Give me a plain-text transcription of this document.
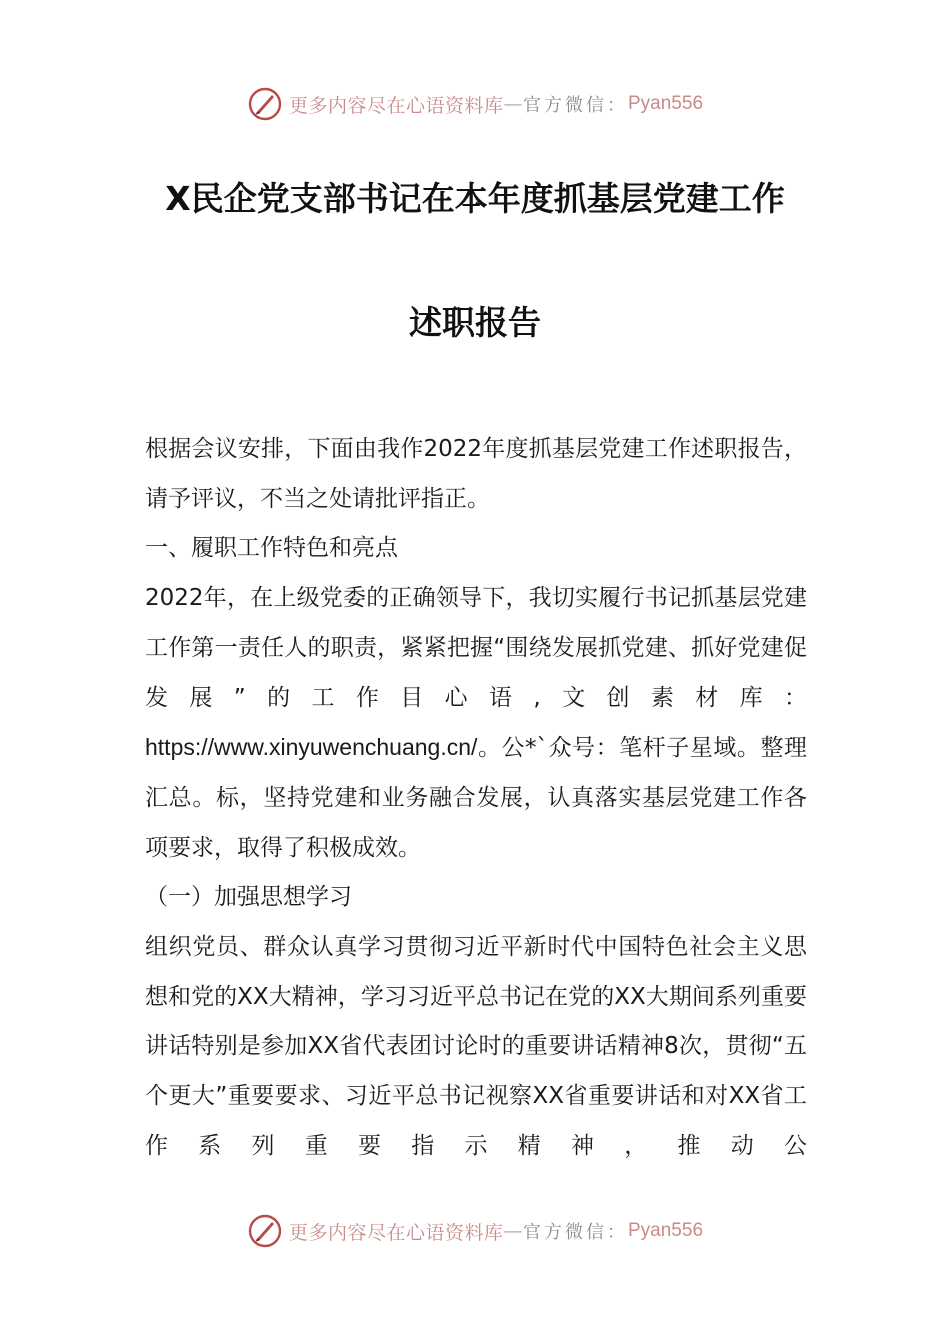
更多内容尽在心语资料库 — 官方微信： Pyan556
X民企党支部书记在本年度抓基层党建工作
述职报告

根据会议安排，下面由我作2022年度抓基层党建工作述职报告，请予评议，不当之处请批评指正。

一、履职工作特色和亮点

2022年，在上级党委的正确领导下，我切实履行书记抓基层党建工作第一责任人的职责，紧紧把握“围绕发展抓党建、抓好党建促发展”的工作目心语,文创素材库：https://www.xinyuwenchuang.cn/。公*`众号：笔杆子星域。整理汇总。标，坚持党建和业务融合发展，认真落实基层党建工作各项要求，取得了积极成效。

（一）加强思想学习

组织党员、群众认真学习贯彻习近平新时代中国特色社会主义思想和党的XX大精神，学习习近平总书记在党的XX大期间系列重要讲话特别是参加XX省代表团讨论时的重要讲话精神8次，贯彻“五个更大”重要要求、习近平总书记视察XX省重要讲话和对XX省工作系列重要指示精神，推动公

更多内容尽在心语资料库 — 官方微信： Pyan556
